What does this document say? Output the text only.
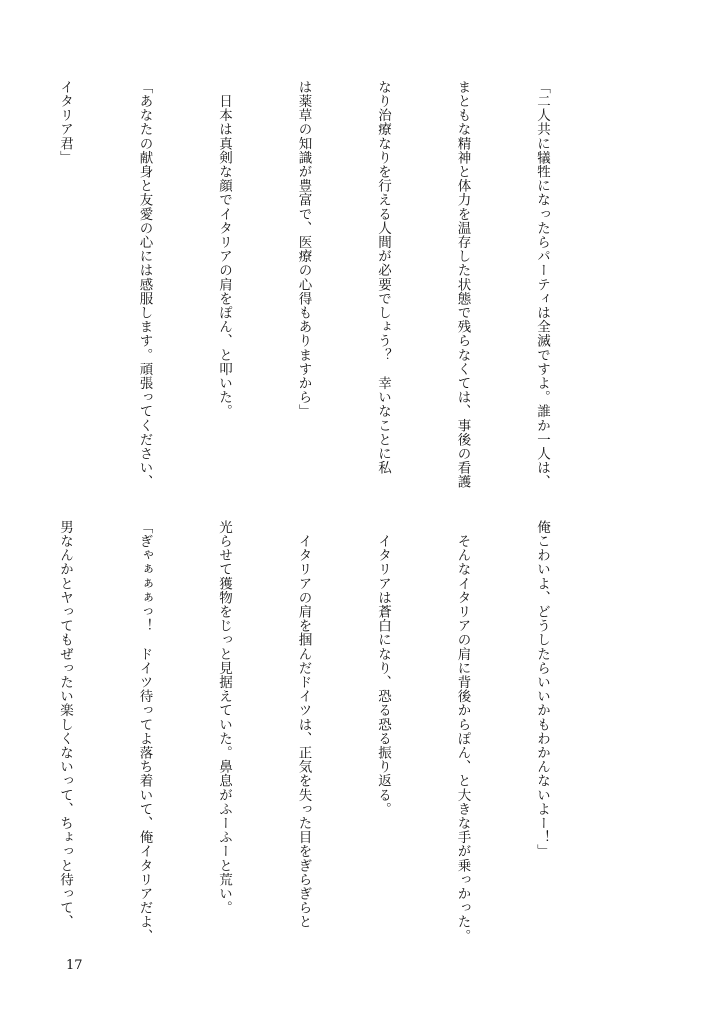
「二人共に犠牲になったらパーティは全滅ですよ。誰か一人は、

まともな精神と体力を温存した状態で残らなくては、事後の看護

なり治療なりを行える人間が必要でしょう？　幸いなことに私

は薬草の知識が豊富で、医療の心得もありますから」

　日本は真剣な顔でイタリアの肩をぽん、と叩いた。

「あなたの献身と友愛の心には感服します。頑張ってください、

イタリア君」

俺こわいよ、どうしたらいいかもわかんないよー！」

　そんなイタリアの肩に背後からぽん、と大きな手が乗っかった。

　イタリアは蒼白になり、恐る恐る振り返る。

　イタリアの肩を掴んだドイツは、正気を失った目をぎらぎらと

光らせて獲物をじっと見据えていた。鼻息がふーふーと荒い。

「ぎゃぁぁぁっ！　ドイツ待ってよ落ち着いて、俺イタリアだよ、

男なんかとヤってもぜったい楽しくないって、ちょっと待って、

17
